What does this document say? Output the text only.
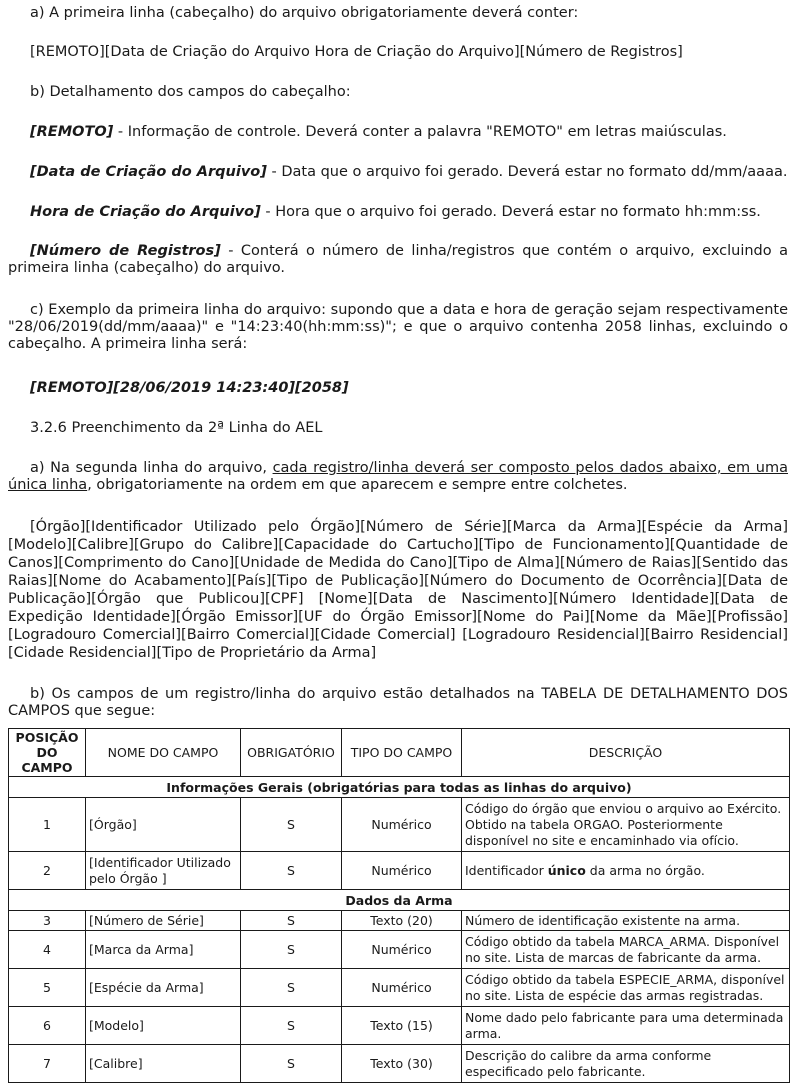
a) A primeira linha (cabeçalho) do arquivo obrigatoriamente deverá conter:
[REMOTO][Data de Criação do Arquivo Hora de Criação do Arquivo][Número de Registros]
b) Detalhamento dos campos do cabeçalho:
[REMOTO] - Informação de controle. Deverá conter a palavra "REMOTO" em letras maiúsculas.
[Data de Criação do Arquivo] - Data que o arquivo foi gerado. Deverá estar no formato dd/mm/aaaa.
Hora de Criação do Arquivo] - Hora que o arquivo foi gerado. Deverá estar no formato hh:mm:ss.
[Número de Registros] - Conterá o número de linha/registros que contém o arquivo, excluindo a primeira linha (cabeçalho) do arquivo.
c) Exemplo da primeira linha do arquivo: supondo que a data e hora de geração sejam respectivamente "28/06/2019(dd/mm/aaaa)" e "14:23:40(hh:mm:ss)"; e que o arquivo contenha 2058 linhas, excluindo o cabeçalho. A primeira linha será:
[REMOTO][28/06/2019 14:23:40][2058]
3.2.6 Preenchimento da 2ª Linha do AEL
a) Na segunda linha do arquivo, cada registro/linha deverá ser composto pelos dados abaixo, em uma única linha, obrigatoriamente na ordem em que aparecem e sempre entre colchetes.
[Órgão][Identificador Utilizado pelo Órgão][Número de Série][Marca da Arma][Espécie da Arma][Modelo][Calibre][Grupo do Calibre][Capacidade do Cartucho][Tipo de Funcionamento][Quantidade de Canos][Comprimento do Cano][Unidade de Medida do Cano][Tipo de Alma][Número de Raias][Sentido das Raias][Nome do Acabamento][País][Tipo de Publicação][Número do Documento de Ocorrência][Data de Publicação][Órgão que Publicou][CPF] [Nome][Data de Nascimento][Número Identidade][Data de Expedição Identidade][Órgão Emissor][UF do Órgão Emissor][Nome do Pai][Nome da Mãe][Profissão][Logradouro Comercial][Bairro Comercial][Cidade Comercial] [Logradouro Residencial][Bairro Residencial][Cidade Residencial][Tipo de Proprietário da Arma]
b) Os campos de um registro/linha do arquivo estão detalhados na TABELA DE DETALHAMENTO DOS CAMPOS que segue:
POSIÇÃO DO CAMPO	NOME DO CAMPO	OBRIGATÓRIO	TIPO DO CAMPO	DESCRIÇÃO
Informações Gerais (obrigatórias para todas as linhas do arquivo)				
1	[Órgão]	S	Numérico	Código do órgão que enviou o arquivo ao Exército. Obtido na tabela ORGAO. Posteriormente disponível no site e encaminhado via ofício.
2	[Identificador Utilizado pelo Órgão ]	S	Numérico	Identificador único da arma no órgão.
Dados da Arma				
3	[Número de Série]	S	Texto (20)	Número de identificação existente na arma.
4	[Marca da Arma]	S	Numérico	Código obtido da tabela MARCA_ARMA. Disponível no site. Lista de marcas de fabricante da arma.
5	[Espécie da Arma]	S	Numérico	Código obtido da tabela ESPECIE_ARMA, disponível no site. Lista de espécie das armas registradas.
6	[Modelo]	S	Texto (15)	Nome dado pelo fabricante para uma determinada arma.
7	[Calibre]	S	Texto (30)	Descrição do calibre da arma conforme especificado pelo fabricante.
